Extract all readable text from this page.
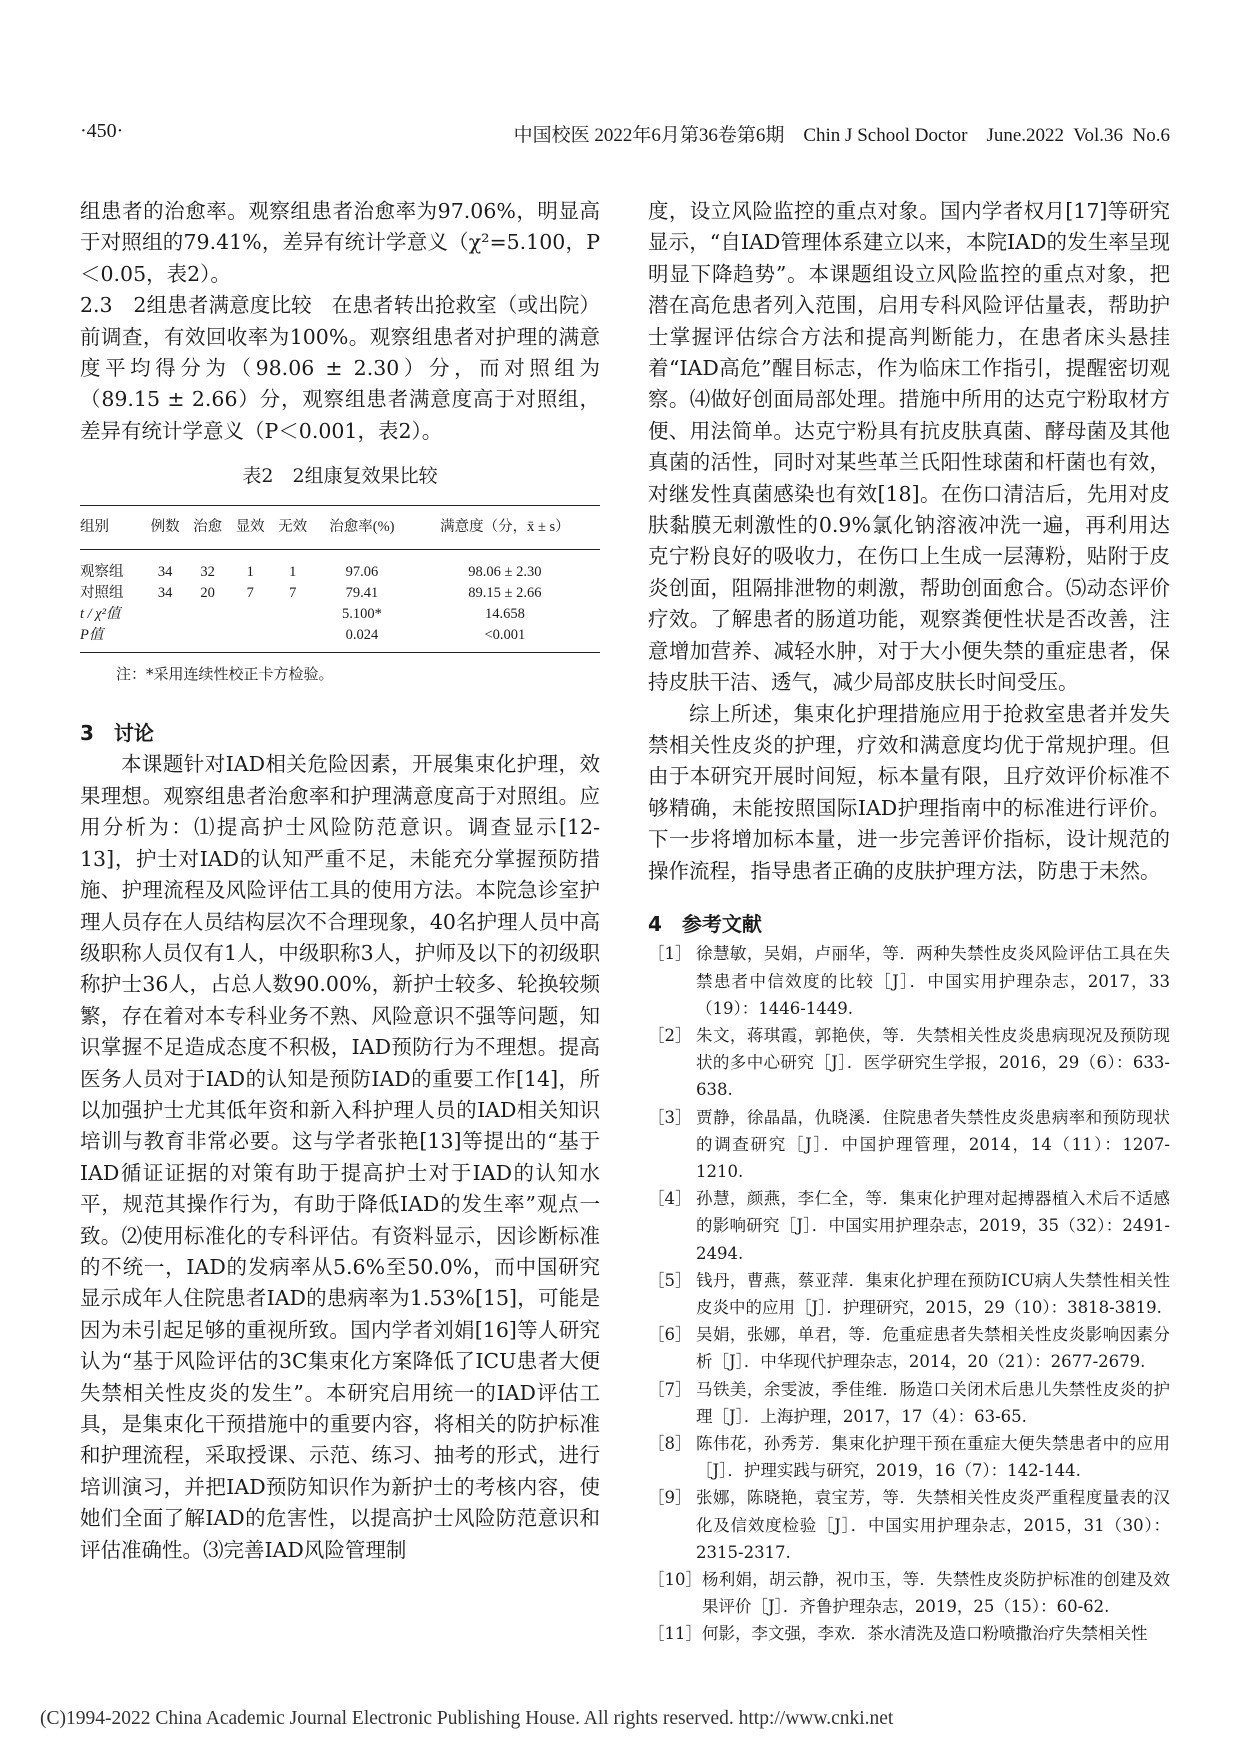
·450·	中国校医 2022年6月第36卷第6期    Chin J School Doctor    June.2022  Vol.36  No.6

组患者的治愈率。观察组患者治愈率为97.06%，明显高于对照组的79.41%，差异有统计学意义（χ²=5.100，P＜0.05，表2）。

2.3　2组患者满意度比较 在患者转出抢救室（或出院）前调查，有效回收率为100%。观察组患者对护理的满意度平均得分为（98.06 ± 2.30）分，而对照组为（89.15 ± 2.66）分，观察组患者满意度高于对照组，差异有统计学意义（P＜0.001，表2）。

表2　2组康复效果比较

组别	例数	治愈	显效	无效	治愈率(%)	满意度（分，x̄ ± s）
观察组	34	32	1	1	97.06	98.06 ± 2.30
对照组	34	20	7	7	79.41	89.15 ± 2.66
t / χ²值					5.100*	14.658
P值					0.024	<0.001

注：*采用连续性校正卡方检验。

3　讨论

本课题针对IAD相关危险因素，开展集束化护理，效果理想。观察组患者治愈率和护理满意度高于对照组。应用分析为：⑴提高护士风险防范意识。调查显示[12-13]，护士对IAD的认知严重不足，未能充分掌握预防措施、护理流程及风险评估工具的使用方法。本院急诊室护理人员存在人员结构层次不合理现象，40名护理人员中高级职称人员仅有1人，中级职称3人，护师及以下的初级职称护士36人，占总人数90.00%，新护士较多、轮换较频繁，存在着对本专科业务不熟、风险意识不强等问题，知识掌握不足造成态度不积极，IAD预防行为不理想。提高医务人员对于IAD的认知是预防IAD的重要工作[14]，所以加强护士尤其低年资和新入科护理人员的IAD相关知识培训与教育非常必要。这与学者张艳[13]等提出的“基于IAD循证证据的对策有助于提高护士对于IAD的认知水平，规范其操作行为，有助于降低IAD的发生率”观点一致。⑵使用标准化的专科评估。有资料显示，因诊断标准的不统一，IAD的发病率从5.6%至50.0%，而中国研究显示成年人住院患者IAD的患病率为1.53%[15]，可能是因为未引起足够的重视所致。国内学者刘娟[16]等人研究认为“基于风险评估的3C集束化方案降低了ICU患者大便失禁相关性皮炎的发生”。本研究启用统一的IAD评估工具，是集束化干预措施中的重要内容，将相关的防护标准和护理流程，采取授课、示范、练习、抽考的形式，进行培训演习，并把IAD预防知识作为新护士的考核内容，使她们全面了解IAD的危害性，以提高护士风险防范意识和评估准确性。⑶完善IAD风险管理制

度，设立风险监控的重点对象。国内学者权月[17]等研究显示，“自IAD管理体系建立以来，本院IAD的发生率呈现明显下降趋势”。本课题组设立风险监控的重点对象，把潜在高危患者列入范围，启用专科风险评估量表，帮助护士掌握评估综合方法和提高判断能力，在患者床头悬挂着“IAD高危”醒目标志，作为临床工作指引，提醒密切观察。⑷做好创面局部处理。措施中所用的达克宁粉取材方便、用法简单。达克宁粉具有抗皮肤真菌、酵母菌及其他真菌的活性，同时对某些革兰氏阳性球菌和杆菌也有效，对继发性真菌感染也有效[18]。在伤口清洁后，先用对皮肤黏膜无刺激性的0.9%氯化钠溶液冲洗一遍，再利用达克宁粉良好的吸收力，在伤口上生成一层薄粉，贴附于皮炎创面，阻隔排泄物的刺激，帮助创面愈合。⑸动态评价疗效。了解患者的肠道功能，观察粪便性状是否改善，注意增加营养、减轻水肿，对于大小便失禁的重症患者，保持皮肤干洁、透气，减少局部皮肤长时间受压。

综上所述，集束化护理措施应用于抢救室患者并发失禁相关性皮炎的护理，疗效和满意度均优于常规护理。但由于本研究开展时间短，标本量有限，且疗效评价标准不够精确，未能按照国际IAD护理指南中的标准进行评价。下一步将增加标本量，进一步完善评价指标，设计规范的操作流程，指导患者正确的皮肤护理方法，防患于未然。

4　参考文献

［1］ 徐慧敏，吴娟，卢丽华，等．两种失禁性皮炎风险评估工具在失禁患者中信效度的比较［J］．中国实用护理杂志，2017，33（19）：1446-1449.
［2］ 朱文，蒋琪霞，郭艳侠，等．失禁相关性皮炎患病现况及预防现状的多中心研究［J］．医学研究生学报，2016，29（6）：633-638.
［3］ 贾静，徐晶晶，仇晓溪．住院患者失禁性皮炎患病率和预防现状的调查研究［J］．中国护理管理，2014，14（11）：1207-1210.
［4］ 孙慧，颜燕，李仁全，等．集束化护理对起搏器植入术后不适感的影响研究［J］．中国实用护理杂志，2019，35（32）：2491-2494.
［5］ 钱丹，曹燕，蔡亚萍．集束化护理在预防ICU病人失禁性相关性皮炎中的应用［J］．护理研究，2015，29（10）：3818-3819.
［6］ 吴娟，张娜，单君，等．危重症患者失禁相关性皮炎影响因素分析［J］．中华现代护理杂志，2014，20（21）：2677-2679.
［7］ 马铁美，余雯波，季佳维．肠造口关闭术后患儿失禁性皮炎的护理［J］．上海护理，2017，17（4）：63-65.
［8］ 陈伟花，孙秀芳．集束化护理干预在重症大便失禁患者中的应用［J］．护理实践与研究，2019，16（7）：142-144.
［9］ 张娜，陈晓艳，袁宝芳，等．失禁相关性皮炎严重程度量表的汉化及信效度检验［J］．中国实用护理杂志，2015，31（30）：2315-2317.
［10］ 杨利娟，胡云静，祝巾玉，等．失禁性皮炎防护标准的创建及效果评价［J］．齐鲁护理杂志，2019，25（15）：60-62.
［11］ 何影，李文强，李欢．茶水清洗及造口粉喷撒治疗失禁相关性
(C)1994-2022 China Academic Journal Electronic Publishing House. All rights reserved. http://www.cnki.net
